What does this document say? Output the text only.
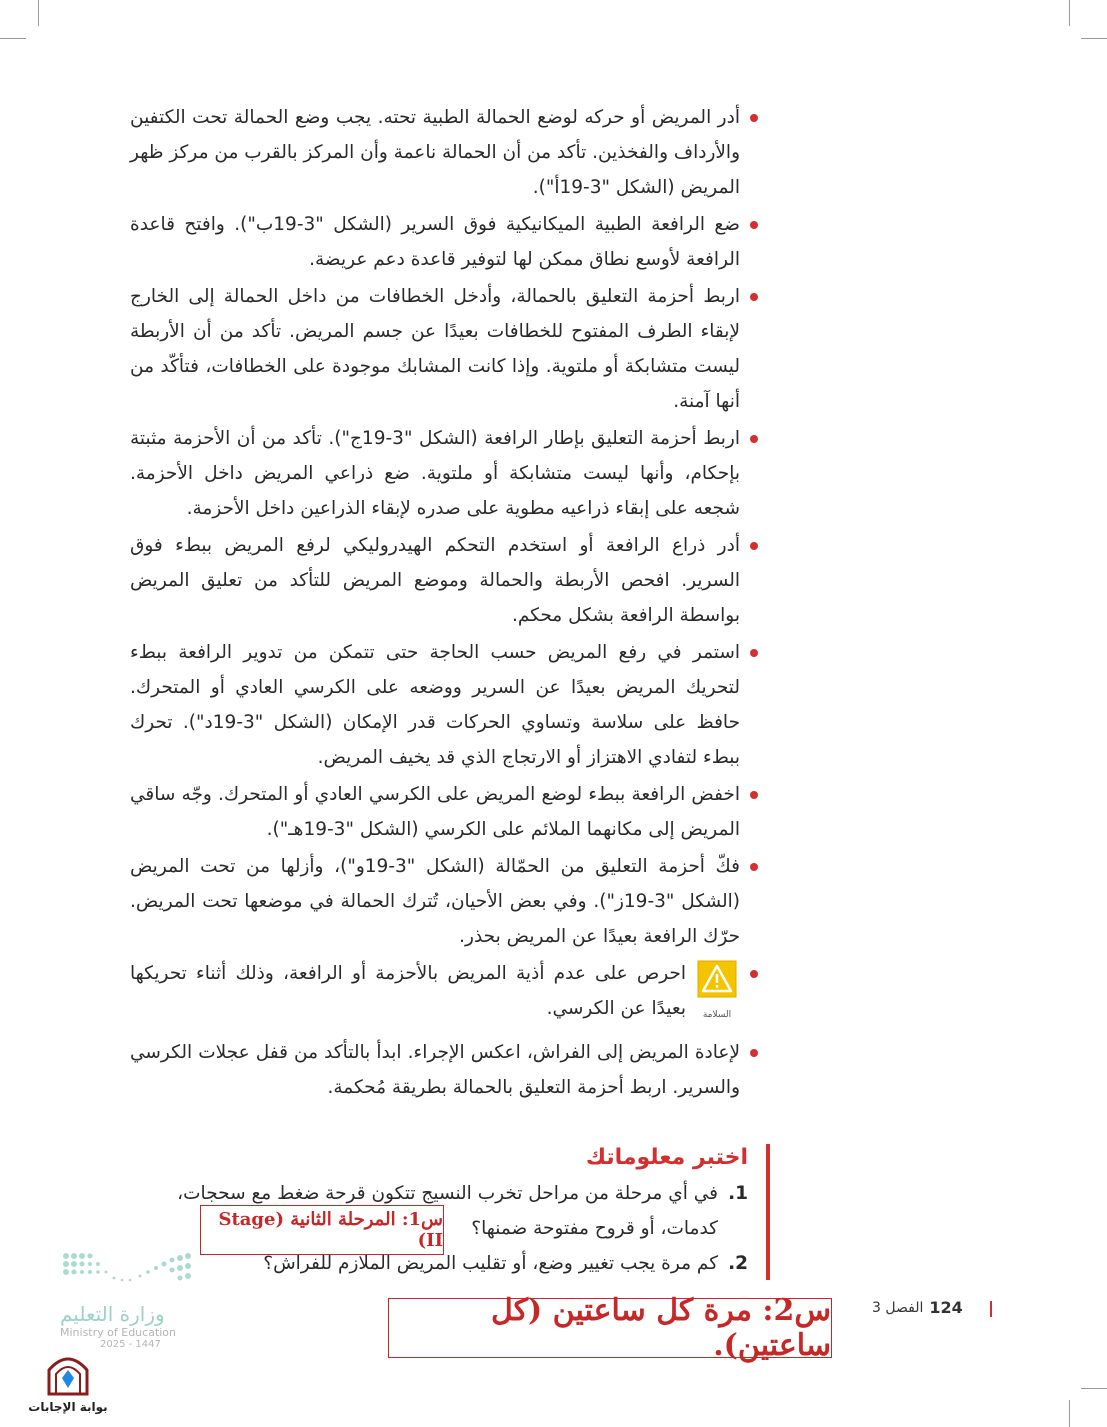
أدر المريض أو حركه لوضع الحمالة الطبية تحته. يجب وضع الحمالة تحت الكتفين والأرداف والفخذين. تأكد من أن الحمالة ناعمة وأن المركز بالقرب من مركز ظهر المريض (الشكل "3-19أ").
ضع الرافعة الطبية الميكانيكية فوق السرير (الشكل "3-19ب"). وافتح قاعدة الرافعة لأوسع نطاق ممكن لها لتوفير قاعدة دعم عريضة.
اربط أحزمة التعليق بالحمالة، وأدخل الخطافات من داخل الحمالة إلى الخارج لإبقاء الطرف المفتوح للخطافات بعيدًا عن جسم المريض. تأكد من أن الأربطة ليست متشابكة أو ملتوية. وإذا كانت المشابك موجودة على الخطافات، فتأكّد من أنها آمنة.
اربط أحزمة التعليق بإطار الرافعة (الشكل "3-19ج"). تأكد من أن الأحزمة مثبتة بإحكام، وأنها ليست متشابكة أو ملتوية. ضع ذراعي المريض داخل الأحزمة. شجعه على إبقاء ذراعيه مطوية على صدره لإبقاء الذراعين داخل الأحزمة.
أدر ذراع الرافعة أو استخدم التحكم الهيدروليكي لرفع المريض ببطء فوق السرير. افحص الأربطة والحمالة وموضع المريض للتأكد من تعليق المريض بواسطة الرافعة بشكل محكم.
استمر في رفع المريض حسب الحاجة حتى تتمكن من تدوير الرافعة ببطء لتحريك المريض بعيدًا عن السرير ووضعه على الكرسي العادي أو المتحرك. حافظ على سلاسة وتساوي الحركات قدر الإمكان (الشكل "3-19د"). تحرك ببطء لتفادي الاهتزاز أو الارتجاج الذي قد يخيف المريض.
اخفض الرافعة ببطء لوضع المريض على الكرسي العادي أو المتحرك. وجّه ساقي المريض إلى مكانهما الملائم على الكرسي (الشكل "3-19هـ").
فكّ أحزمة التعليق من الحمّالة (الشكل "3-19و")، وأزلها من تحت المريض (الشكل "3-19ز"). وفي بعض الأحيان، تُترك الحمالة في موضعها تحت المريض. حرّك الرافعة بعيدًا عن المريض بحذر.
السلامة
احرص على عدم أذية المريض بالأحزمة أو الرافعة، وذلك أثناء تحريكها بعيدًا عن الكرسي.
لإعادة المريض إلى الفراش، اعكس الإجراء. ابدأ بالتأكد من قفل عجلات الكرسي والسرير. اربط أحزمة التعليق بالحمالة بطريقة مُحكمة.
اختبر معلوماتك
1.
في أي مرحلة من مراحل تخرب النسيج تتكون قرحة ضغط مع سحجات، كدمات، أو قروح مفتوحة ضمنها؟
2.
كم مرة يجب تغيير وضع، أو تقليب المريض الملازم للفراش؟
س1: المرحلة الثانية (Stage II)
س2: مرة كل ساعتين (كل ساعتين).
124
الفصل 3
وزارة التعليم
Ministry of Education
2025 - 1447
بوابة الإجابات
